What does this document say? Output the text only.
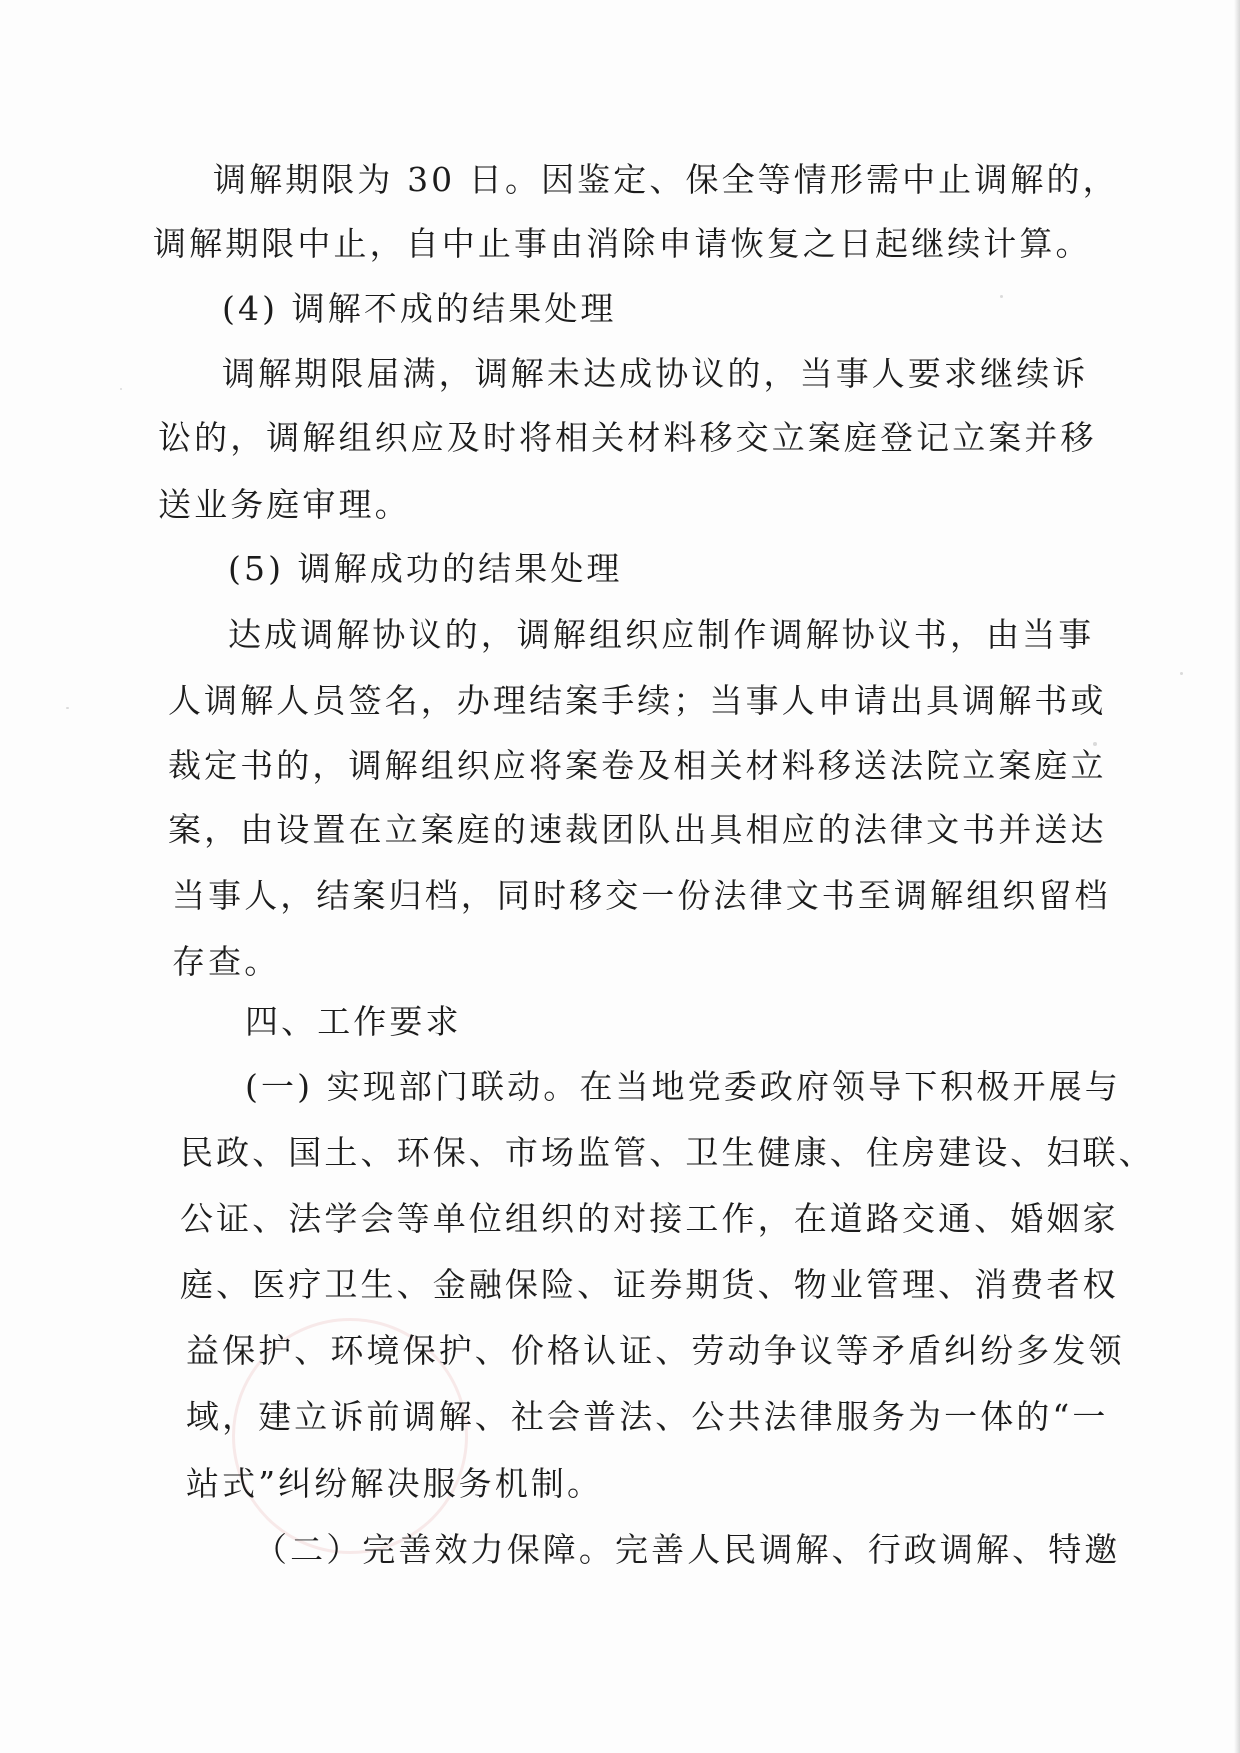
调解期限为 30 日。因鉴定、保全等情形需中止调解的，
调解期限中止，自中止事由消除申请恢复之日起继续计算。
(4) 调解不成的结果处理
调解期限届满，调解未达成协议的，当事人要求继续诉
讼的，调解组织应及时将相关材料移交立案庭登记立案并移
送业务庭审理。
(5) 调解成功的结果处理
达成调解协议的，调解组织应制作调解协议书，由当事
人调解人员签名，办理结案手续；当事人申请出具调解书或
裁定书的，调解组织应将案卷及相关材料移送法院立案庭立
案，由设置在立案庭的速裁团队出具相应的法律文书并送达
当事人，结案归档，同时移交一份法律文书至调解组织留档
存查。
四、工作要求
(一) 实现部门联动。在当地党委政府领导下积极开展与
民政、国土、环保、市场监管、卫生健康、住房建设、妇联、
公证、法学会等单位组织的对接工作，在道路交通、婚姻家
庭、医疗卫生、金融保险、证券期货、物业管理、消费者权
益保护、环境保护、价格认证、劳动争议等矛盾纠纷多发领
域，建立诉前调解、社会普法、公共法律服务为一体的“一
站式”纠纷解决服务机制。
（二）完善效力保障。完善人民调解、行政调解、特邀
